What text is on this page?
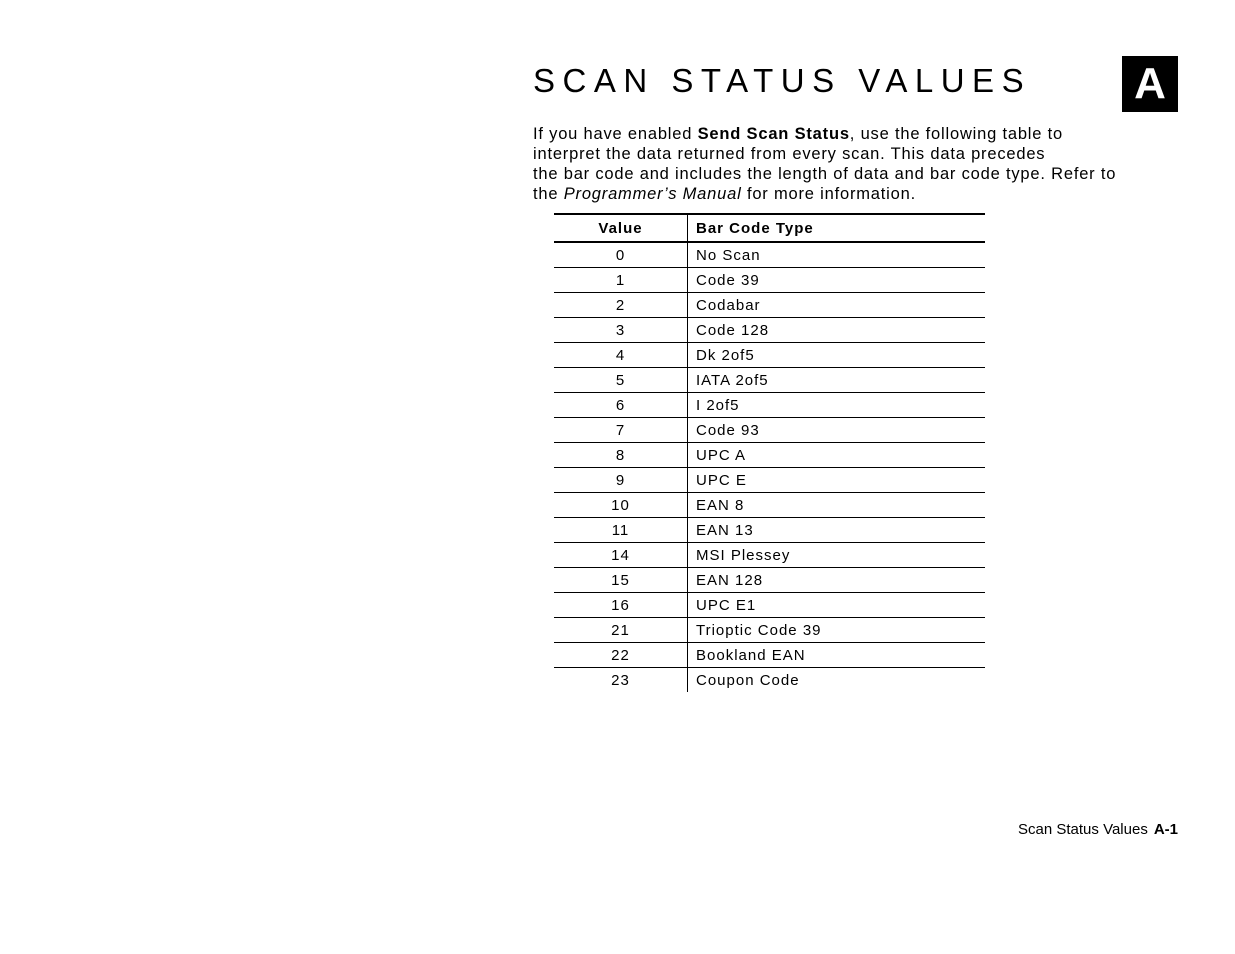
SCAN STATUS VALUES A

If you have enabled Send Scan Status, use the following table to
interpret the data returned from every scan. This data precedes
the bar code and includes the length of data and bar code type. Refer to
the Programmer’s Manual for more information.

Value	Bar Code Type
0	No Scan
1	Code 39
2	Codabar
3	Code 128
4	Dk 2of5
5	IATA 2of5
6	I 2of5
7	Code 93
8	UPC A
9	UPC E
10	EAN 8
11	EAN 13
14	MSI Plessey
15	EAN 128
16	UPC E1
21	Trioptic Code 39
22	Bookland EAN
23	Coupon Code
Scan Status Values A-1
